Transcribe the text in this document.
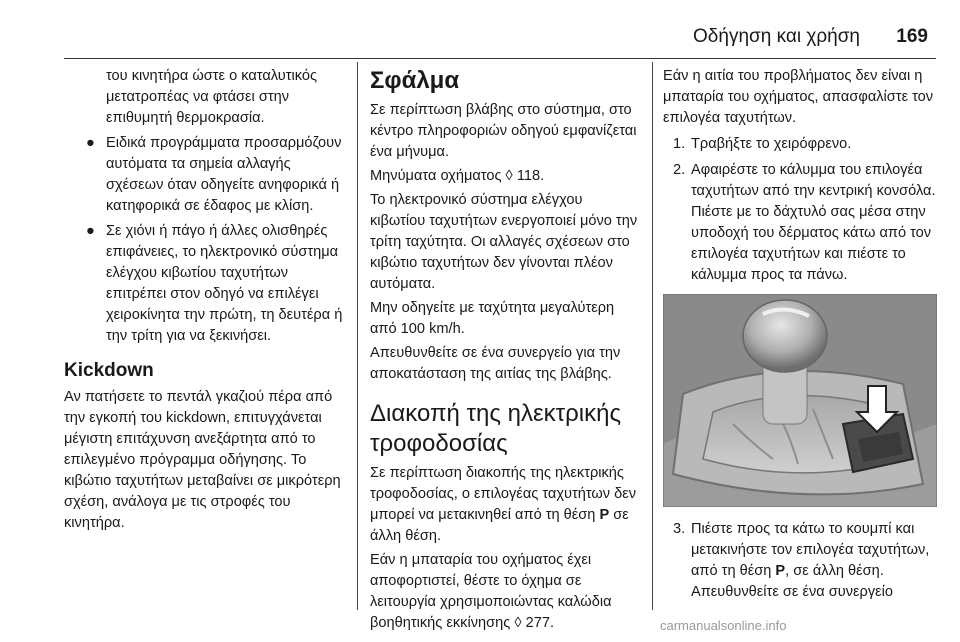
Οδήγηση και χρήση 169

του κινητήρα ώστε ο καταλυτικός μετατροπέας να φτάσει στην επιθυμητή θερμοκρασία.

● Ειδικά προγράμματα προσαρμόζουν αυτόματα τα σημεία αλλαγής σχέσεων όταν οδηγείτε ανηφορικά ή κατηφορικά σε έδαφος με κλίση.
● Σε χιόνι ή πάγο ή άλλες ολισθηρές επιφάνειες, το ηλεκτρονικό σύστημα ελέγχου κιβωτίου ταχυτήτων επιτρέπει στον οδηγό να επιλέγει χειροκίνητα την πρώτη, τη δευτέρα ή την τρίτη για να ξεκινήσει.
Kickdown

Αν πατήσετε το πεντάλ γκαζιού πέρα από την εγκοπή του kickdown, επιτυγχάνεται μέγιστη επιτάχυνση ανεξάρτητα από το επιλεγμένο πρόγραμμα οδήγησης. Το κιβώτιο ταχυτήτων μεταβαίνει σε μικρότερη σχέση, ανάλογα με τις στροφές του κινητήρα.

Σφάλμα

Σε περίπτωση βλάβης στο σύστημα, στο κέντρο πληροφοριών οδηγού εμφανίζεται ένα μήνυμα.

Μηνύματα οχήματος ◊ 118.

Το ηλεκτρονικό σύστημα ελέγχου κιβωτίου ταχυτήτων ενεργοποιεί μόνο την τρίτη ταχύτητα. Οι αλλαγές σχέσεων στο κιβώτιο ταχυτήτων δεν γίνονται πλέον αυτόματα.

Μην οδηγείτε με ταχύτητα μεγαλύτερη από 100 km/h.

Απευθυνθείτε σε ένα συνεργείο για την αποκατάσταση της αιτίας της βλάβης.

Διακοπή της ηλεκτρικής τροφοδοσίας

Σε περίπτωση διακοπής της ηλεκτρικής τροφοδοσίας, ο επιλογέας ταχυτήτων δεν μπορεί να μετακινηθεί από τη θέση P σε άλλη θέση.

Εάν η μπαταρία του οχήματος έχει αποφορτιστεί, θέστε το όχημα σε λειτουργία χρησιμοποιώντας καλώδια βοηθητικής εκκίνησης ◊ 277.

Εάν η αιτία του προβλήματος δεν είναι η μπαταρία του οχήματος, απασφαλίστε τον επιλογέα ταχυτήτων.

1. Τραβήξτε το χειρόφρενο.
2. Αφαιρέστε το κάλυμμα του επιλογέα ταχυτήτων από την κεντρική κονσόλα. Πιέστε με το δάχτυλό σας μέσα στην υποδοχή του δέρματος κάτω από τον επιλογέα ταχυτήτων και πιέστε το κάλυμμα προς τα πάνω.
3. Πιέστε προς τα κάτω το κουμπί και μετακινήστε τον επιλογέα ταχυτήτων, από τη θέση P, σε άλλη θέση. Απευθυνθείτε σε ένα συνεργείο
carmanualsonline.info
